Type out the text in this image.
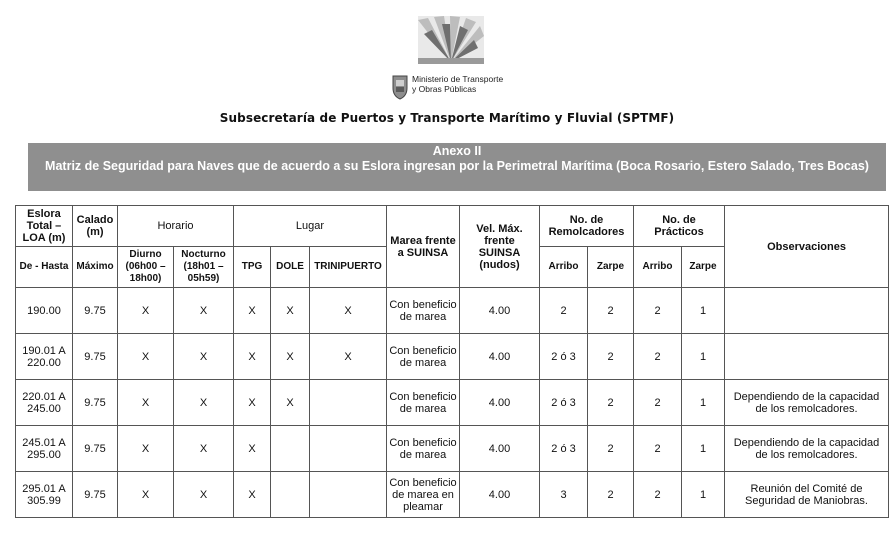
Ministerio de Transporte
y Obras Públicas
Subsecretaría de Puertos y Transporte Marítimo y Fluvial (SPTMF)
Anexo II
Matriz de Seguridad para Naves que de acuerdo a su Eslora ingresan por la Perimetral Marítima (Boca Rosario, Estero Salado, Tres Bocas)
Eslora Total – LOA (m)	Calado (m)	Horario		Lugar			Marea frente a SUINSA	Vel. Máx. frente SUINSA (nudos)	No. de Remolcadores		No. de Prácticos		Observaciones
De - Hasta	Máximo	Diurno (06h00 – 18h00)	Nocturno (18h01 – 05h59)	TPG	DOLE	TRINIPUERTO			Arribo	Zarpe	Arribo	Zarpe	
190.00	9.75	X	X	X	X	X	Con beneficio de marea	4.00	2	2	2	1	
190.01 A 220.00	9.75	X	X	X	X	X	Con beneficio de marea	4.00	2 ó 3	2	2	1	
220.01 A 245.00	9.75	X	X	X	X		Con beneficio de marea	4.00	2 ó 3	2	2	1	Dependiendo de la capacidad de los remolcadores.
245.01 A 295.00	9.75	X	X	X			Con beneficio de marea	4.00	2 ó 3	2	2	1	Dependiendo de la capacidad de los remolcadores.
295.01 A 305.99	9.75	X	X	X			Con beneficio de marea en pleamar	4.00	3	2	2	1	Reunión del Comité de Seguridad de Maniobras.
